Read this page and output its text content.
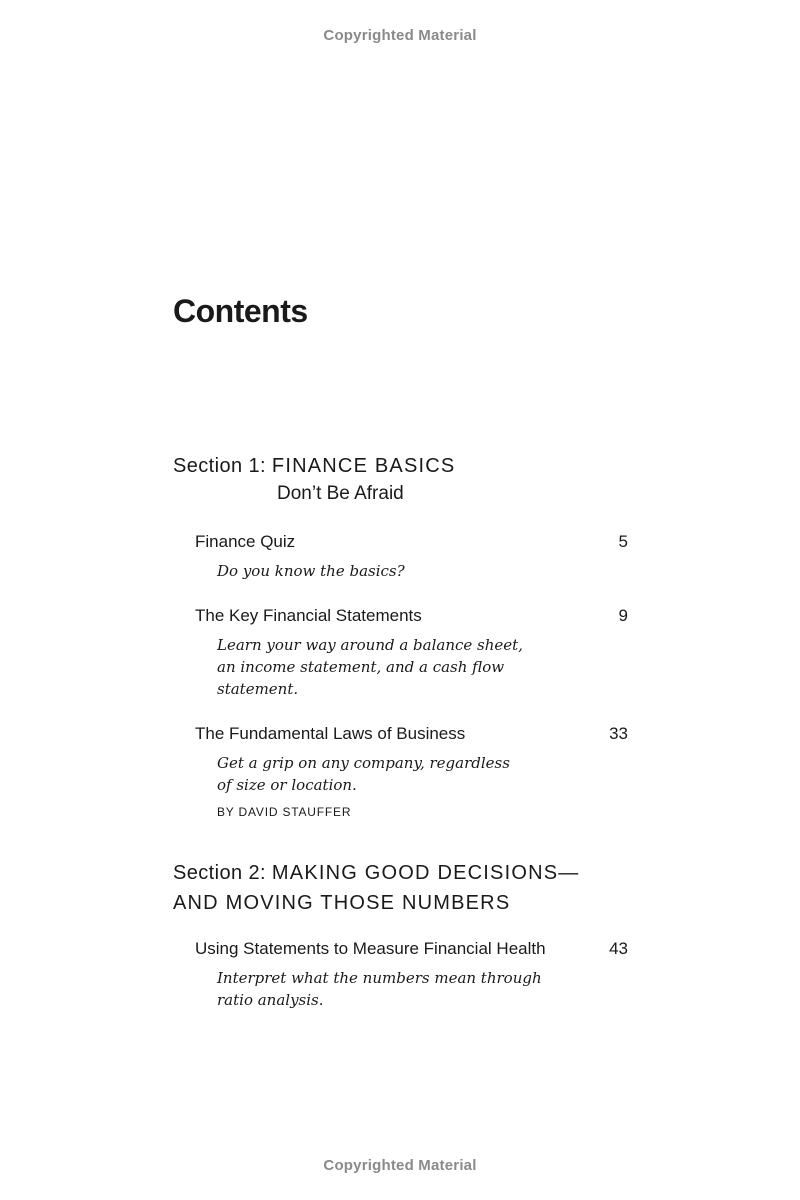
Copyrighted Material
Contents
Section 1: FINANCE BASICS
Don’t Be Afraid
Finance Quiz	5
Do you know the basics?
The Key Financial Statements	9
Learn your way around a balance sheet,
an income statement, and a cash flow
statement.
The Fundamental Laws of Business	33
Get a grip on any company, regardless
of size or location.
BY DAVID STAUFFER
Section 2: MAKING GOOD DECISIONS—
AND MOVING THOSE NUMBERS
Using Statements to Measure Financial Health	43
Interpret what the numbers mean through
ratio analysis.
Copyrighted Material
